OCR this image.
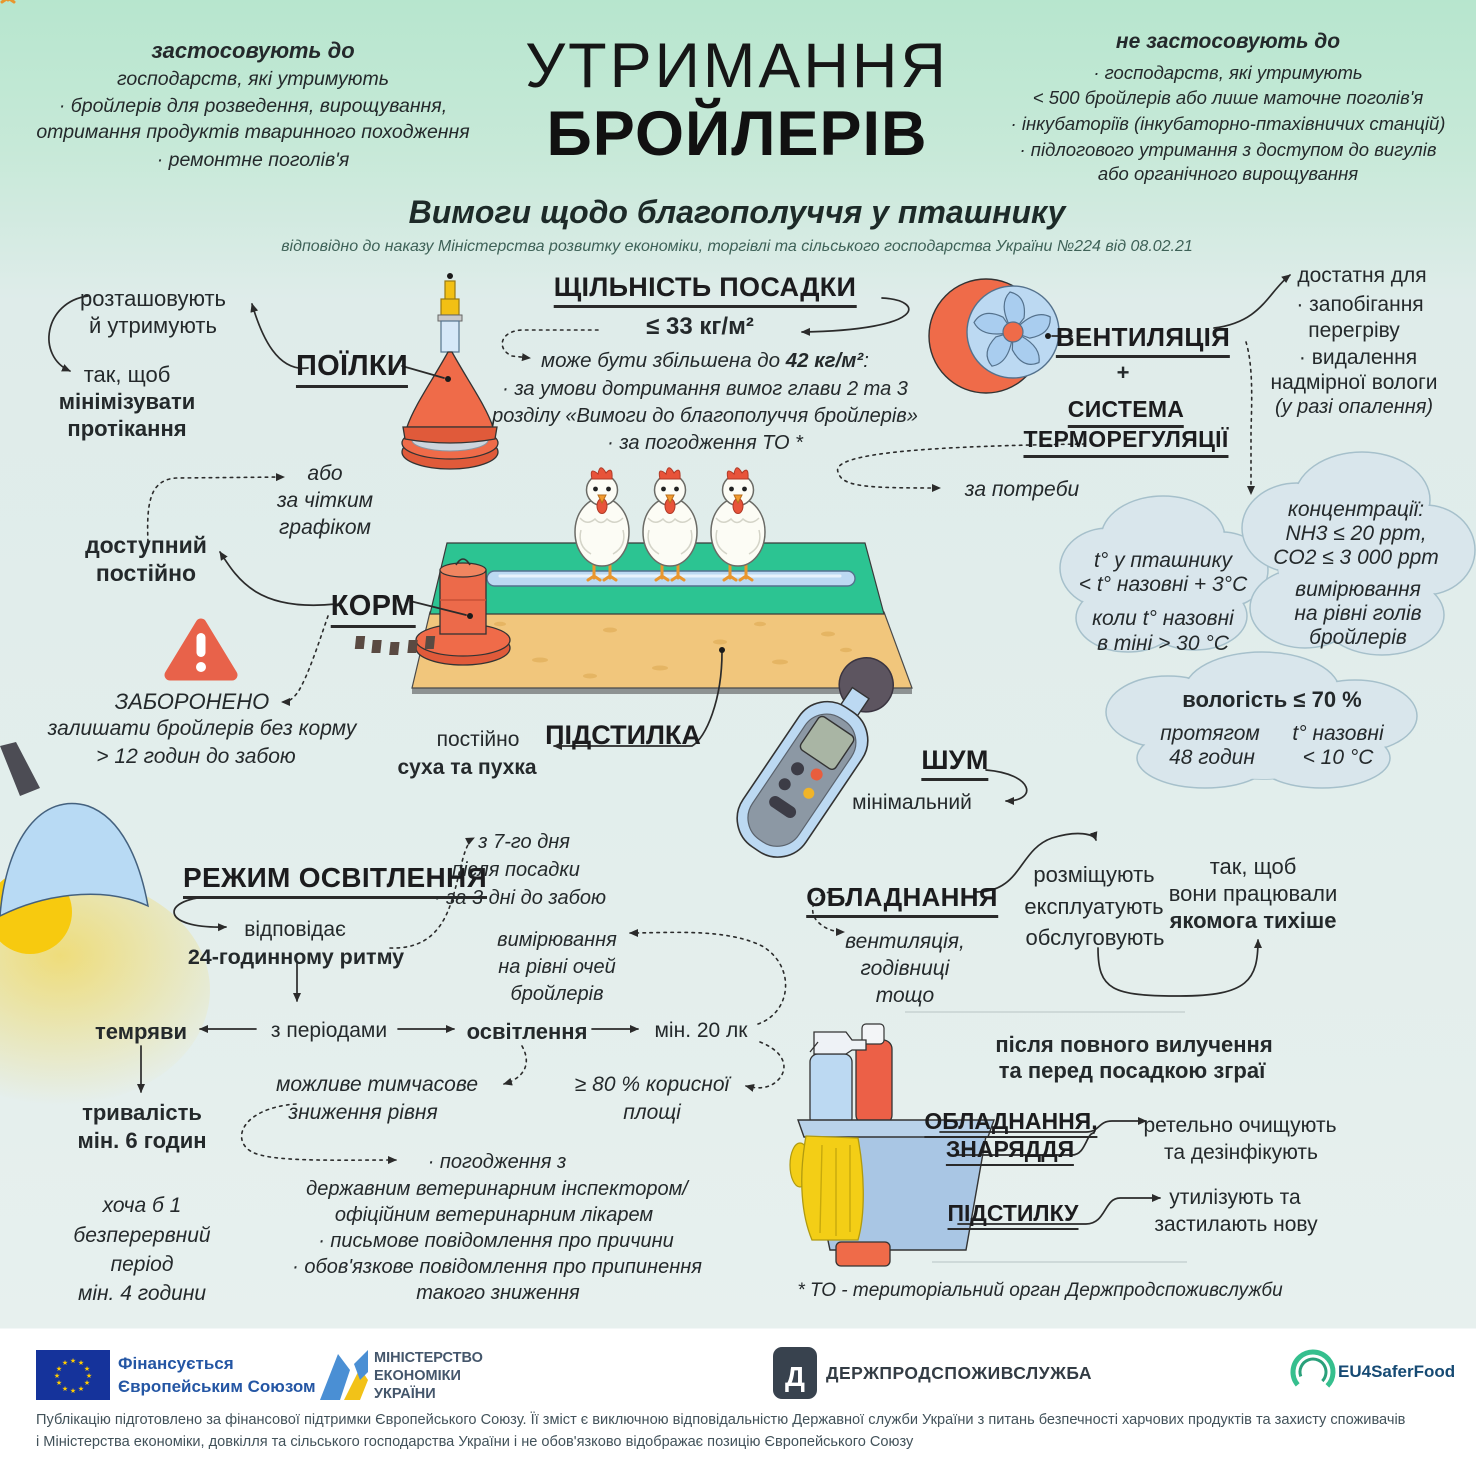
★ ★
★
★
★
★
★
★
★
★
★
★	Д
застосовують до
господарств, які утримують
· бройлерів для розведення, вирощування,
отримання продуктів тваринного походження
· ремонтне поголів'я
УТРИМАННЯ
БРОЙЛЕРІВ
не застосовують до
· господарств, які утримують
< 500 бройлерів або лише маточне поголів'я
· інкубаторіїв (інкубаторно-птахівничих станцій)
· підлогового утримання з доступом до вигулів
або органічного вирощування
Вимоги щодо благополуччя у пташнику
відповідно до наказу Міністерства розвитку економіки, торгівлі та сільського господарства України №224 від 08.02.21
розташовують
й утримують
так, щоб
мінімізувати
протікання
ПОЇЛКИ
ЩІЛЬНІСТЬ ПОСАДКИ
≤ 33 кг/м²
може бути збільшена до 42 кг/м²:
· за умови дотримання вимог глави 2 та 3
розділу «Вимоги до благополуччя бройлерів»
· за погодження ТО *
ВЕНТИЛЯЦІЯ
+
СИСТЕМА
ТЕРМОРЕГУЛЯЦІЇ
за потреби
достатня для
· запобігання
перегріву
· видалення
надмірної вологи
(у разі опалення)
t° у пташнику
< t° назовні + 3°С
коли t° назовні
в тіні > 30 °С
концентрації:
NH3 ≤ 20 ppm,
CO2 ≤ 3 000 ppm
вимірювання
на рівні голів
бройлерів
вологість ≤ 70 %
протягом
48 годин
t° назовні
< 10 °С
або
за чітким
графіком
доступний
постійно
КОРМ
ЗАБОРОНЕНО
залишати бройлерів без корму
> 12 годин до забою
ПІДСТИЛКА
постійно
суха та пухка	ШУМ
мінімальний
РЕЖИМ ОСВІТЛЕННЯ
відповідає
24-годинному ритму
· з 7-го дня
після посадки
· за 3 дні до забою
вимірювання
на рівні очей
бройлерів
темряви	з періодами	освітлення	мін. 20 лк
тривалість
мін. 6 годин
хоча б 1
безперервний
період
мін. 4 години
можливе тимчасове
зниження рівня
≥ 80 % корисної
площі
· погодження з
державним ветеринарним інспектором/
офіційним ветеринарним лікарем
· письмове повідомлення про причини
· обов'язкове повідомлення про припинення
такого зниження
ОБЛАДНАННЯ
вентиляція,
годівниці
тощо
розміщують
експлуатують
обслуговують
так, щоб
вони працювали
якомога тихіше
після повного вилучення
та перед посадкою зграї
ОБЛАДНАННЯ,
ЗНАРЯДДЯ
ретельно очищують
та дезінфікують
ПІДСТИЛКУ
утилізують та
застилають нову
* ТО - територіальний орган Держпродспоживслужби
Фінансується
Європейським Союзом
МІНІСТЕРСТВО
ЕКОНОМІКИ
УКРАЇНИ
ДЕРЖПРОДСПОЖИВСЛУЖБА	EU4SaferFood
Публікацію підготовлено за фінансової підтримки Європейського Союзу. Її зміст є виключною відповідальністю Державної служби України з питань безпечності харчових продуктів та захисту споживачів
і Міністерства економіки, довкілля та сільського господарства України і не обов'язково відображає позицію Європейського Союзу
